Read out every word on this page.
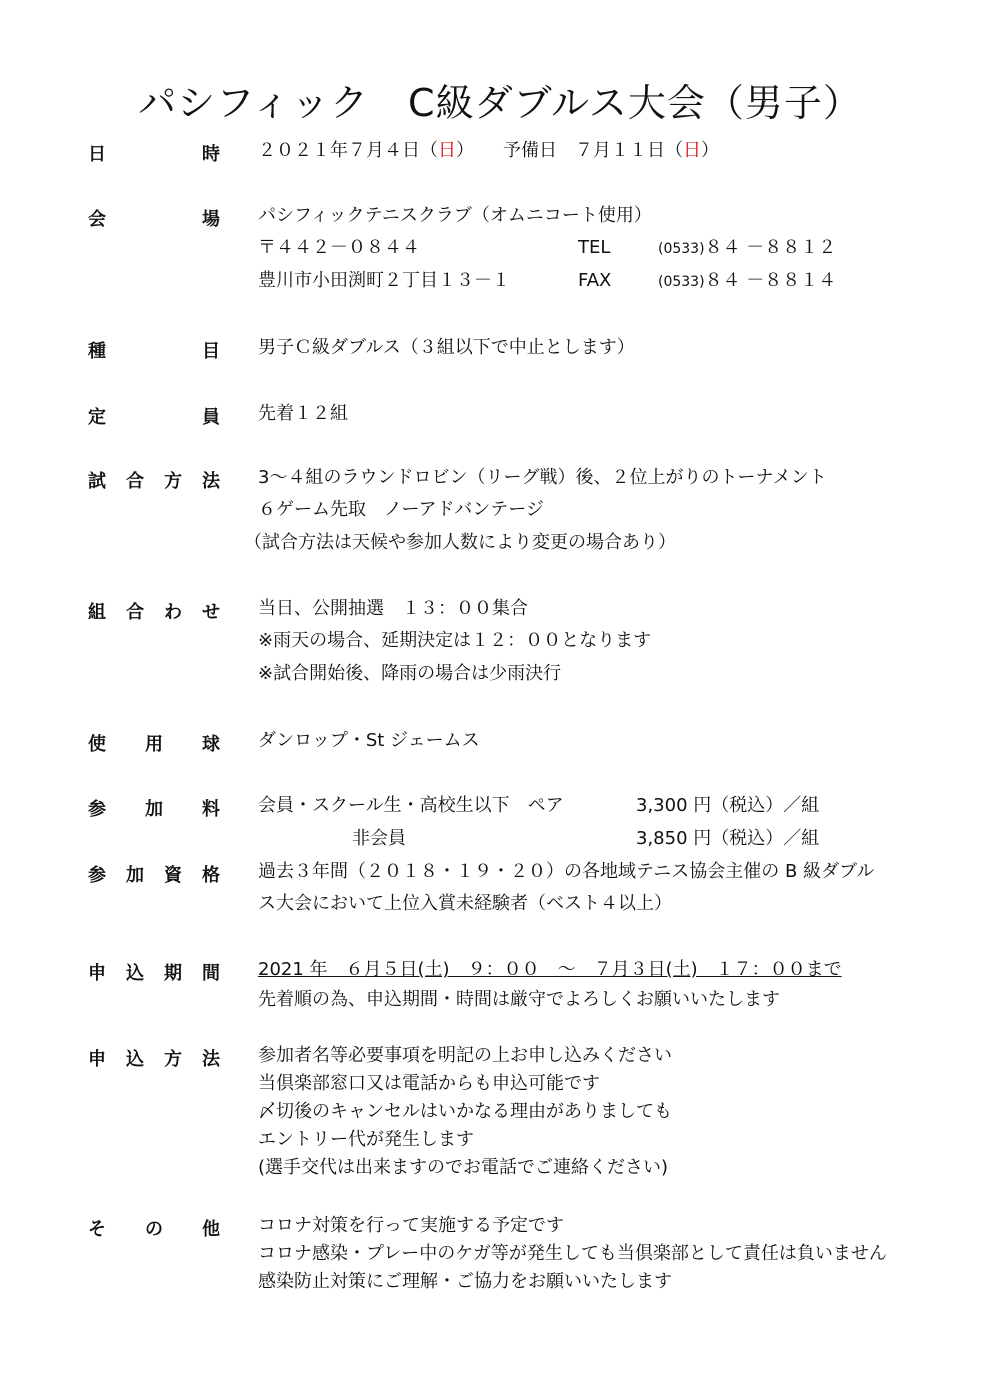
パシフィック　C級ダブルス大会（男子）
日	時 ２０２１年７月４日（日） 予備日　７月１１日（日）
会	場 パシフィックテニスクラブ（オムニコート使用）
〒４４２－０８４４
豊川市小田渕町２丁目１３－１
TEL	(0533)８４ －８８１２
FAX	(0533)８４ －８８１４
種	目 男子Ｃ級ダブルス（３組以下で中止とします）
定	員 先着１２組
試 合 方 法 3～４組のラウンドロビン（リーグ戦）後、２位上がりのトーナメント
６ゲーム先取　ノーアドバンテージ
（試合方法は天候や参加人数により変更の場合あり）
組 合 わ せ 当日、公開抽選　１３：００集合
※雨天の場合、延期決定は１２：００となります
※試合開始後、降雨の場合は少雨決行
使 用 球 ダンロップ・St ジェームス
参 加 料 会員・スクール生・高校生以下　ペア	3,300 円（税込）／組
非会員	3,850 円（税込）／組
参 加 資 格 過去３年間（２０１８・１９・２０）の各地域テニス協会主催の B 級ダブル
ス大会において上位入賞未経験者（ベスト４以上）
申 込 期 間 2021 年　６月５日(土)　９：００　～　７月３日(土)　１７：００まで
先着順の為、申込期間・時間は厳守でよろしくお願いいたします
申 込 方 法 参加者名等必要事項を明記の上お申し込みください
当倶楽部窓口又は電話からも申込可能です
〆切後のキャンセルはいかなる理由がありましても
エントリー代が発生します
(選手交代は出来ますのでお電話でご連絡ください)
そ の 他 コロナ対策を行って実施する予定です
コロナ感染・プレー中のケガ等が発生しても当倶楽部として責任は負いません
感染防止対策にご理解・ご協力をお願いいたします
